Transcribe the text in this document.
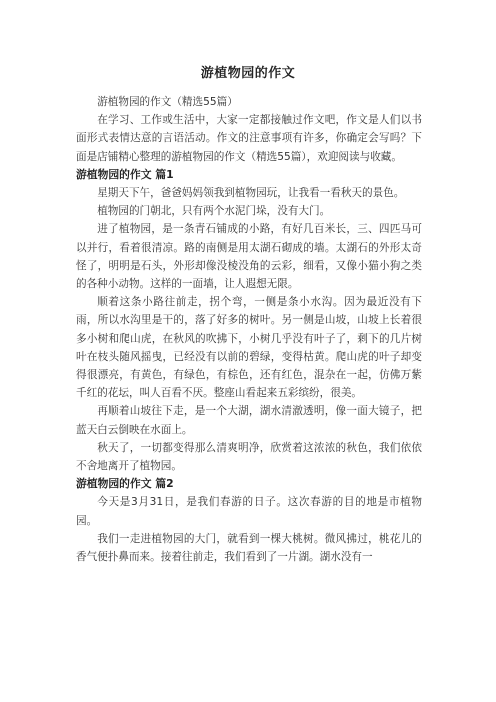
游植物园的作文

游植物园的作文（精选55篇）

在学习、工作或生活中，大家一定都接触过作文吧，作文是人们以书面形式表情达意的言语活动。作文的注意事项有许多，你确定会写吗？下面是店铺精心整理的游植物园的作文（精选55篇），欢迎阅读与收藏。

游植物园的作文 篇1

星期天下午，爸爸妈妈领我到植物园玩，让我看一看秋天的景色。

植物园的门朝北，只有两个水泥门垛，没有大门。

进了植物园，是一条青石铺成的小路，有好几百米长，三、四匹马可以并行，看着很清凉。路的南侧是用太湖石砌成的墙。太湖石的外形太奇怪了，明明是石头，外形却像没棱没角的云彩，细看，又像小猫小狗之类的各种小动物。这样的一面墙，让人遐想无限。

顺着这条小路往前走，拐个弯，一侧是条小水沟。因为最近没有下雨，所以水沟里是干的，落了好多的树叶。另一侧是山坡，山坡上长着很多小树和爬山虎，在秋风的吹拂下，小树几乎没有叶子了，剩下的几片树叶在枝头随风摇曳，已经没有以前的碧绿，变得枯黄。爬山虎的叶子却变得很漂亮，有黄色，有绿色，有棕色，还有红色，混杂在一起，仿佛万紫千红的花坛，叫人百看不厌。整座山看起来五彩缤纷，很美。

再顺着山坡往下走，是一个大湖，湖水清澈透明，像一面大镜子，把蓝天白云倒映在水面上。

秋天了，一切都变得那么清爽明净，欣赏着这浓浓的秋色，我们依依不舍地离开了植物园。

游植物园的作文 篇2

今天是3月31日，是我们春游的日子。这次春游的目的地是市植物园。

我们一走进植物园的大门，就看到一棵大桃树。微风拂过，桃花儿的香气便扑鼻而来。接着往前走，我们看到了一片湖。湖水没有一
